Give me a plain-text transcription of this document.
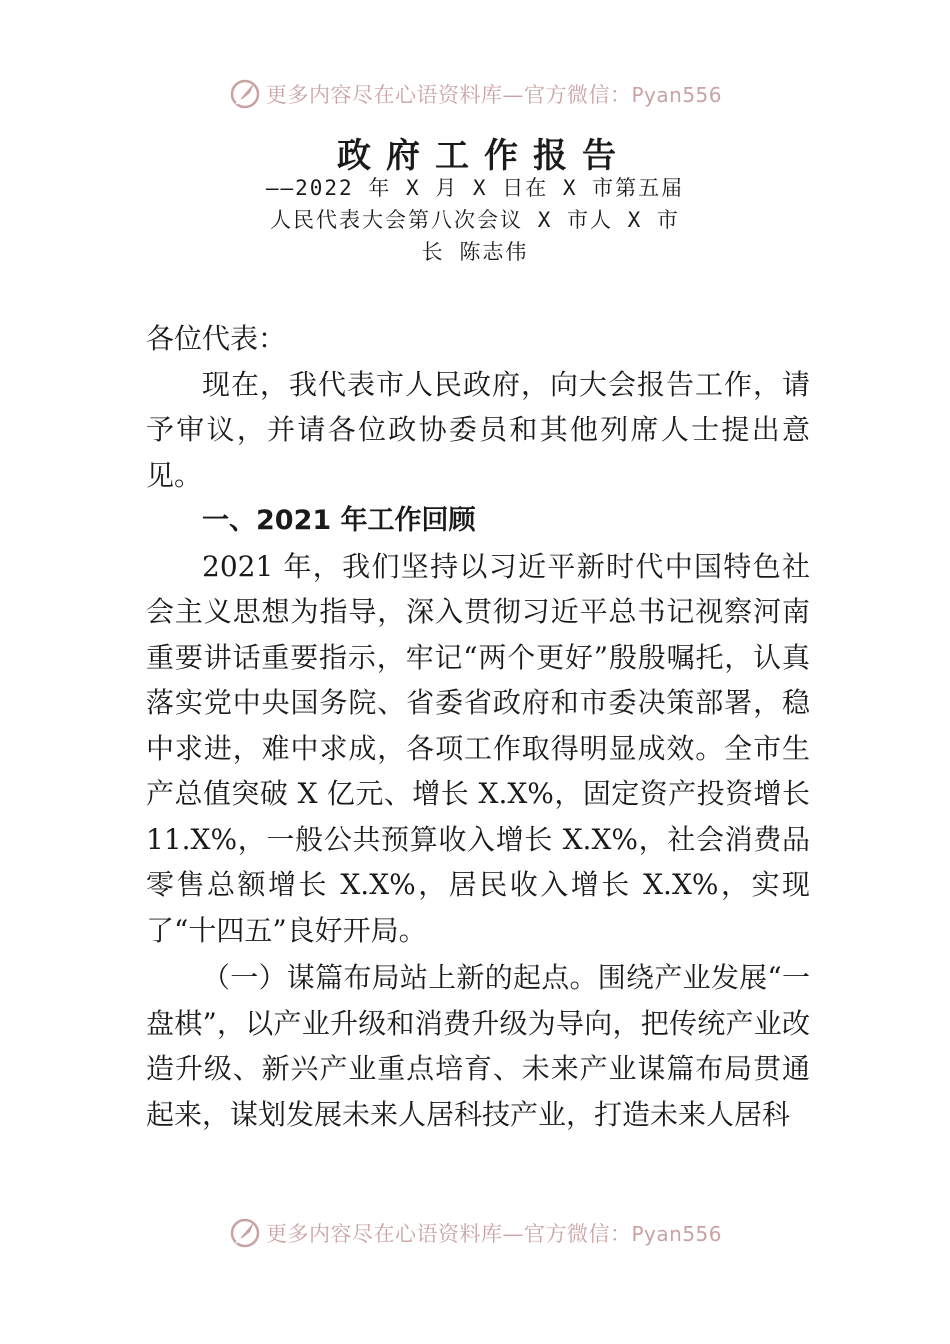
更多内容尽在心语资料库—官方微信：Pyan556
政府工作报告
——2022 年 X 月 X 日在 X 市第五届
人民代表大会第八次会议 X 市人 X 市
长 陈志伟

各位代表：

现在，我代表市人民政府，向大会报告工作，请予审议，并请各位政协委员和其他列席人士提出意见。

一、2021 年工作回顾

2021 年，我们坚持以习近平新时代中国特色社会主义思想为指导，深入贯彻习近平总书记视察河南重要讲话重要指示，牢记“两个更好”殷殷嘱托，认真落实党中央国务院、省委省政府和市委决策部署，稳中求进，难中求成，各项工作取得明显成效。全市生产总值突破 X 亿元、增长 X.X%，固定资产投资增长 11.X%，一般公共预算收入增长 X.X%，社会消费品零售总额增长 X.X%，居民收入增长 X.X%，实现了“十四五”良好开局。

（一）谋篇布局站上新的起点。围绕产业发展“一盘棋”，以产业升级和消费升级为导向，把传统产业改造升级、新兴产业重点培育、未来产业谋篇布局贯通起来，谋划发展未来人居科技产业，打造未来人居科

更多内容尽在心语资料库—官方微信：Pyan556
